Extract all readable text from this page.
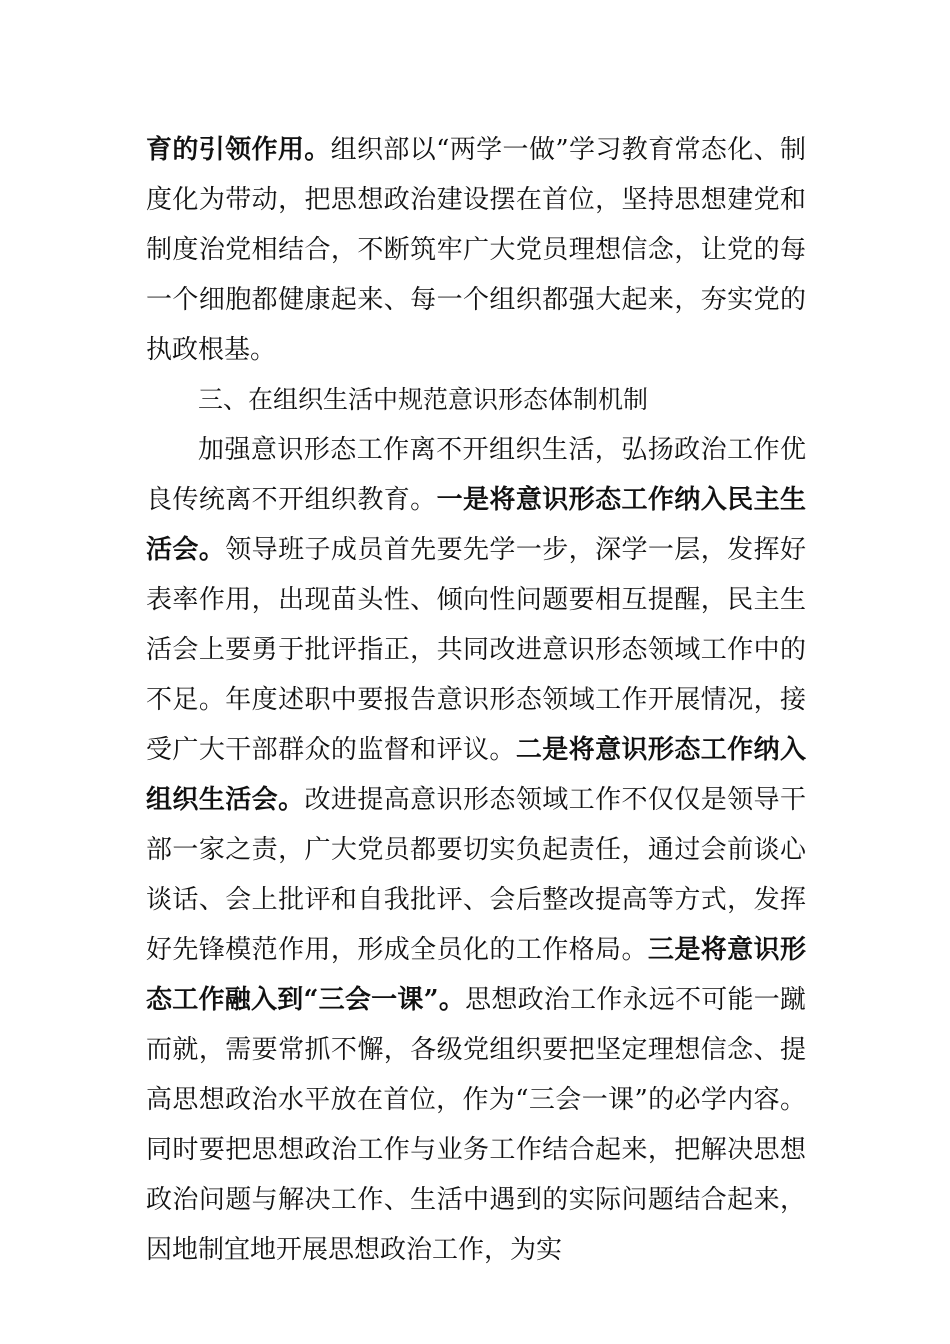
育的引领作用。组织部以“两学一做”学习教育常态化、制度化为带动，把思想政治建设摆在首位，坚持思想建党和制度治党相结合，不断筑牢广大党员理想信念，让党的每一个细胞都健康起来、每一个组织都强大起来，夯实党的执政根基。

三、在组织生活中规范意识形态体制机制

加强意识形态工作离不开组织生活，弘扬政治工作优良传统离不开组织教育。一是将意识形态工作纳入民主生活会。领导班子成员首先要先学一步，深学一层，发挥好表率作用，出现苗头性、倾向性问题要相互提醒，民主生活会上要勇于批评指正，共同改进意识形态领域工作中的不足。年度述职中要报告意识形态领域工作开展情况，接受广大干部群众的监督和评议。二是将意识形态工作纳入组织生活会。改进提高意识形态领域工作不仅仅是领导干部一家之责，广大党员都要切实负起责任，通过会前谈心谈话、会上批评和自我批评、会后整改提高等方式，发挥好先锋模范作用，形成全员化的工作格局。三是将意识形态工作融入到“三会一课”。思想政治工作永远不可能一蹴而就，需要常抓不懈，各级党组织要把坚定理想信念、提高思想政治水平放在首位，作为“三会一课”的必学内容。同时要把思想政治工作与业务工作结合起来，把解决思想政治问题与解决工作、生活中遇到的实际问题结合起来，因地制宜地开展思想政治工作，为实
